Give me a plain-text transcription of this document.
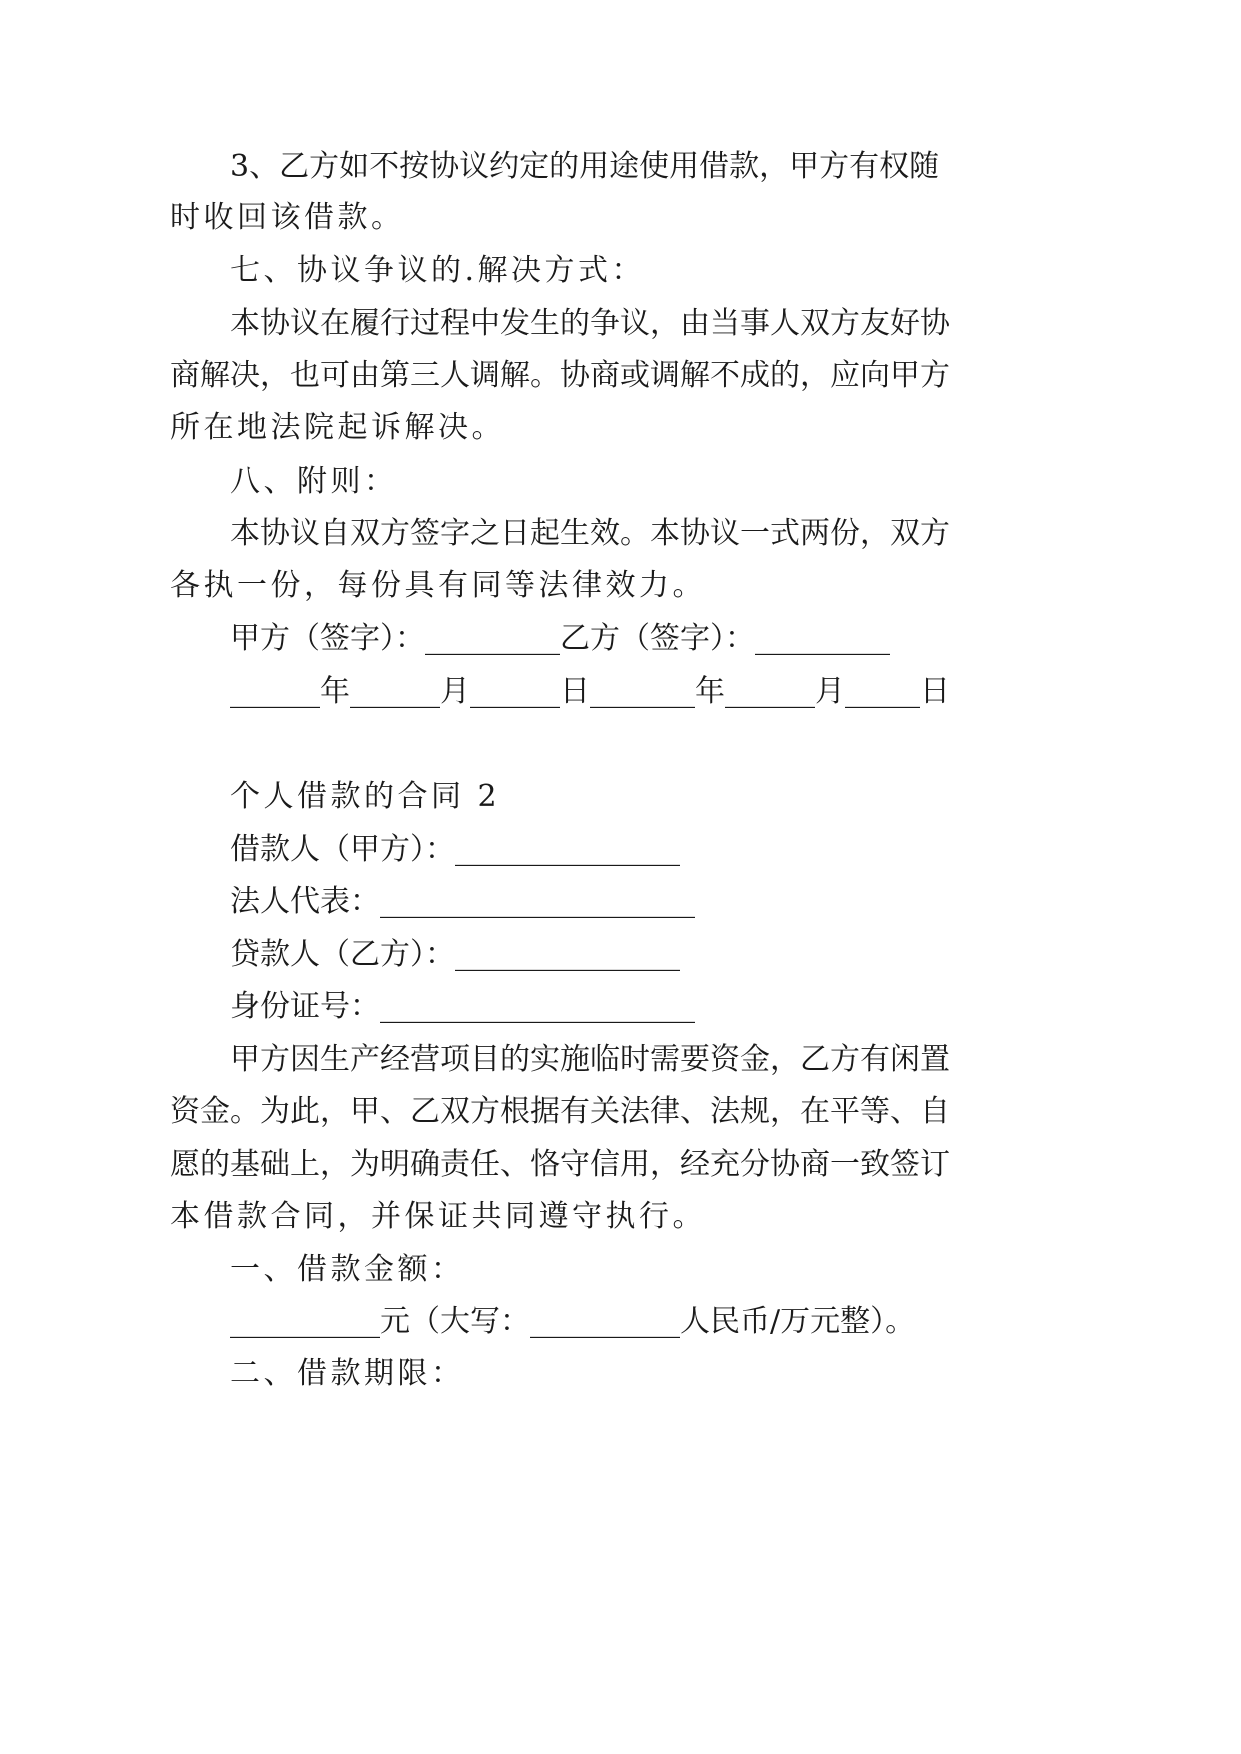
3、乙方如不按协议约定的用途使用借款，甲方有权随

时收回该借款。

七、协议争议的.解决方式：

本协议在履行过程中发生的争议，由当事人双方友好协

商解决，也可由第三人调解。协商或调解不成的，应向甲方

所在地法院起诉解决。

八、附则：

本协议自双方签字之日起生效。本协议一式两份，双方

各执一份，每份具有同等法律效力。

甲方（签字）：_________乙方（签字）：_________

______年______月______日_______年______月_____日

个人借款的合同 2

借款人（甲方）：_______________

法人代表：_____________________

贷款人（乙方）：_______________

身份证号：_____________________

甲方因生产经营项目的实施临时需要资金，乙方有闲置

资金。为此，甲、乙双方根据有关法律、法规，在平等、自

愿的基础上，为明确责任、恪守信用，经充分协商一致签订

本借款合同，并保证共同遵守执行。

一、借款金额：

__________元（大写：__________人民币/万元整）。

二、借款期限：
